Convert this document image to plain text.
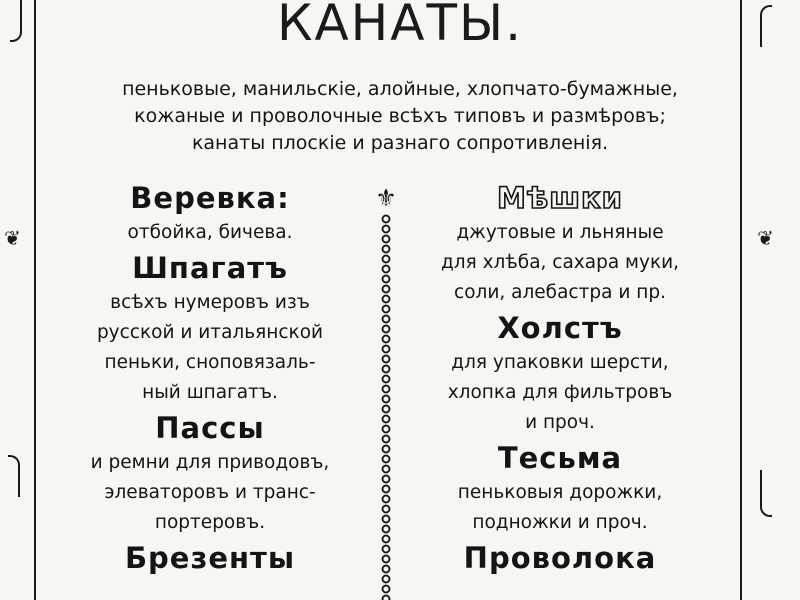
❦	❦
КАНАТЫ.
пеньковые, манильскіе, алойные, хлопчато-бумажные,
кожаные и проволочные всѣхъ типовъ и размѣровъ;
канаты плоскіе и разнаго сопротивленія.
Веревка:
отбойка, бичева.
Шпагатъ
всѣхъ нумеровъ изъ
русской и итальянской
пеньки, сноповязаль-
ный шпагатъ.
Пассы
и ремни для приводовъ,
элеваторовъ и транс-
портеровъ.
Брезенты
⚜	Мѣшки
джутовые и льняные
для хлѣба, сахара муки,
соли, алебастра и пр.
Холстъ
для упаковки шерсти,
хлопка для фильтровъ
и проч.
Тесьма
пеньковыя дорожки,
подножки и проч.
Проволока
